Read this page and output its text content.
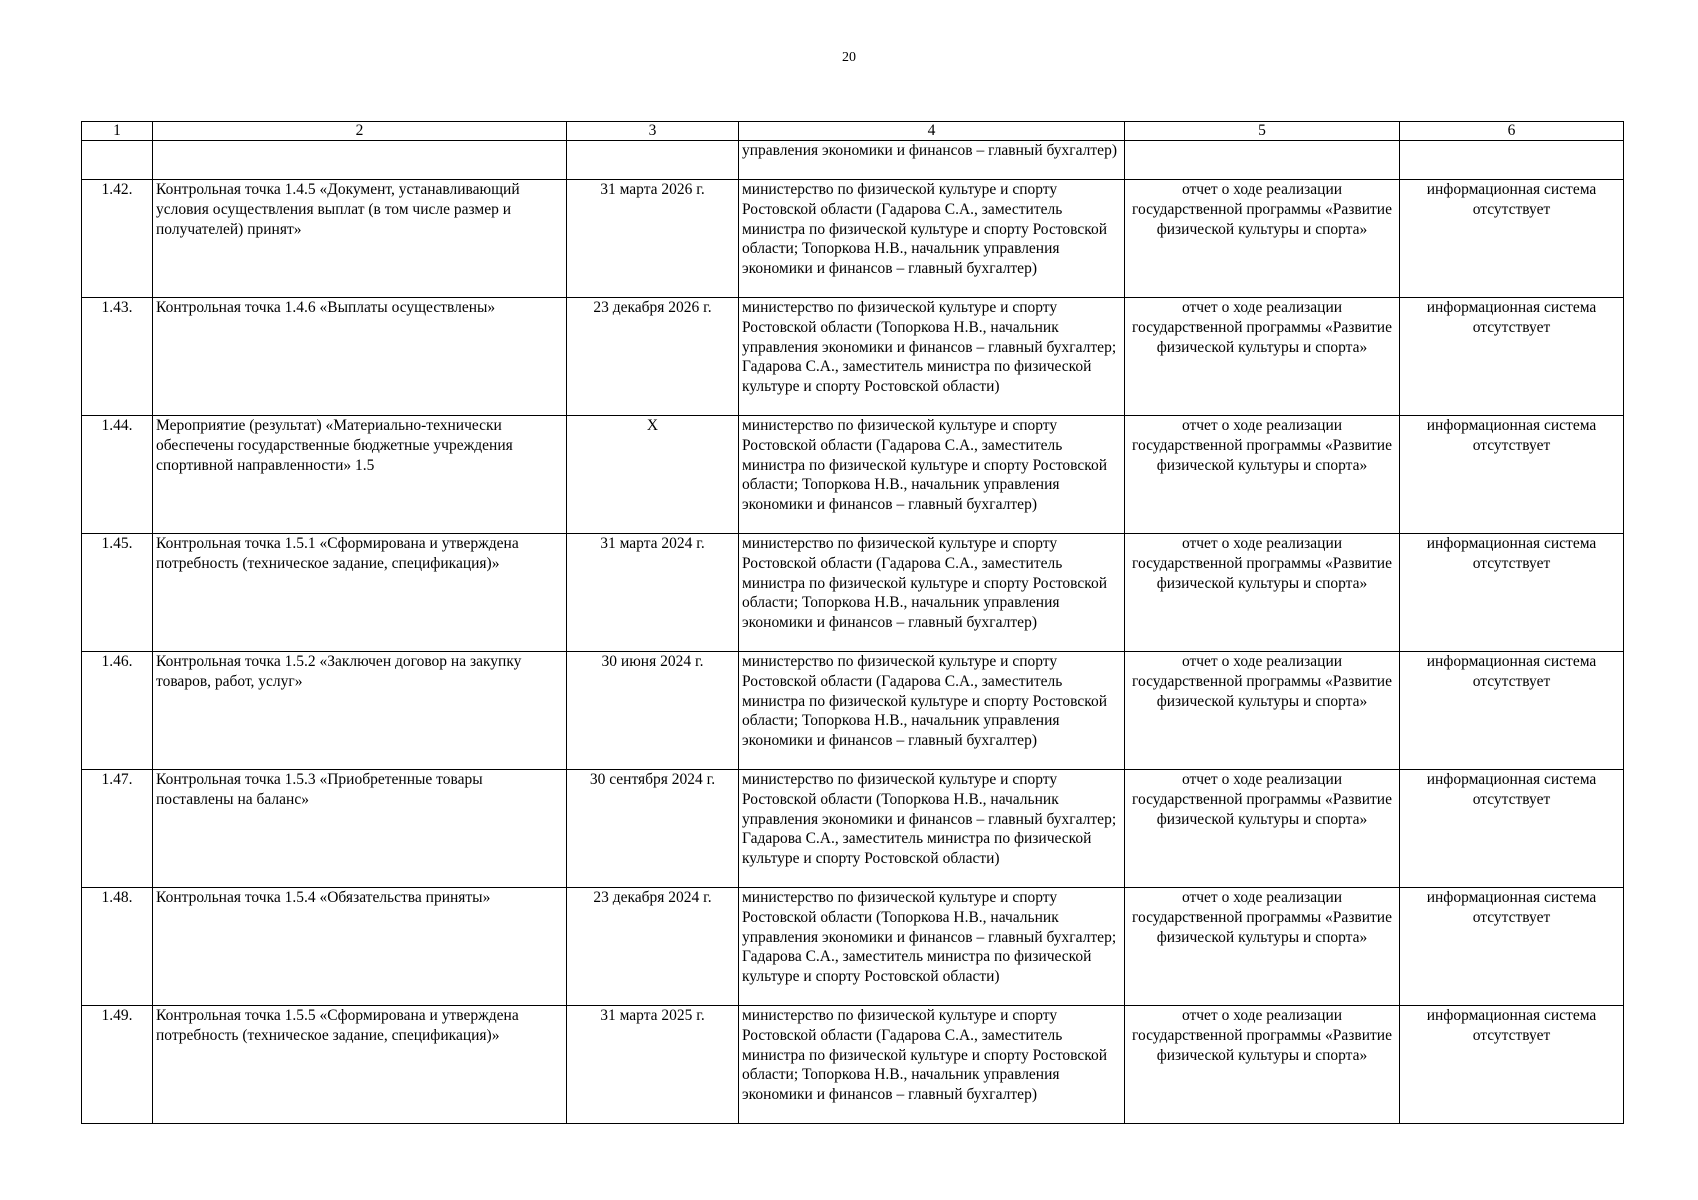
20
1	2	3	4	5	6
			управления экономики и финансов – главный бухгалтер)		
1.42.	Контрольная точка 1.4.5 «Документ, устанавливающий условия осуществления выплат (в том числе размер и получателей) принят»	31 марта 2026 г.	министерство по физической культуре и спорту Ростовской области (Гадарова С.А., заместитель министра по физической культуре и спорту Ростовской области; Топоркова Н.В., начальник управления экономики и финансов – главный бухгалтер)	отчет о ходе реализации государственной программы «Развитие физической культуры и спорта»	информационная система отсутствует
1.43.	Контрольная точка 1.4.6 «Выплаты осуществлены»	23 декабря 2026 г.	министерство по физической культуре и спорту Ростовской области (Топоркова Н.В., начальник управления экономики и финансов – главный бухгалтер; Гадарова С.А., заместитель министра по физической культуре и спорту Ростовской области)	отчет о ходе реализации государственной программы «Развитие физической культуры и спорта»	информационная система отсутствует
1.44.	Мероприятие (результат) «Материально-технически обеспечены государственные бюджетные учреждения спортивной направленности» 1.5	X	министерство по физической культуре и спорту Ростовской области (Гадарова С.А., заместитель министра по физической культуре и спорту Ростовской области; Топоркова Н.В., начальник управления экономики и финансов – главный бухгалтер)	отчет о ходе реализации государственной программы «Развитие физической культуры и спорта»	информационная система отсутствует
1.45.	Контрольная точка 1.5.1 «Сформирована и утверждена потребность (техническое задание, спецификация)»	31 марта 2024 г.	министерство по физической культуре и спорту Ростовской области (Гадарова С.А., заместитель министра по физической культуре и спорту Ростовской области; Топоркова Н.В., начальник управления экономики и финансов – главный бухгалтер)	отчет о ходе реализации государственной программы «Развитие физической культуры и спорта»	информационная система отсутствует
1.46.	Контрольная точка 1.5.2 «Заключен договор на закупку товаров, работ, услуг»	30 июня 2024 г.	министерство по физической культуре и спорту Ростовской области (Гадарова С.А., заместитель министра по физической культуре и спорту Ростовской области; Топоркова Н.В., начальник управления экономики и финансов – главный бухгалтер)	отчет о ходе реализации государственной программы «Развитие физической культуры и спорта»	информационная система отсутствует
1.47.	Контрольная точка 1.5.3 «Приобретенные товары поставлены на баланс»	30 сентября 2024 г.	министерство по физической культуре и спорту Ростовской области (Топоркова Н.В., начальник управления экономики и финансов – главный бухгалтер; Гадарова С.А., заместитель министра по физической культуре и спорту Ростовской области)	отчет о ходе реализации государственной программы «Развитие физической культуры и спорта»	информационная система отсутствует
1.48.	Контрольная точка 1.5.4 «Обязательства приняты»	23 декабря 2024 г.	министерство по физической культуре и спорту Ростовской области (Топоркова Н.В., начальник управления экономики и финансов – главный бухгалтер; Гадарова С.А., заместитель министра по физической культуре и спорту Ростовской области)	отчет о ходе реализации государственной программы «Развитие физической культуры и спорта»	информационная система отсутствует
1.49.	Контрольная точка 1.5.5 «Сформирована и утверждена потребность (техническое задание, спецификация)»	31 марта 2025 г.	министерство по физической культуре и спорту Ростовской области (Гадарова С.А., заместитель министра по физической культуре и спорту Ростовской области; Топоркова Н.В., начальник управления экономики и финансов – главный бухгалтер)	отчет о ходе реализации государственной программы «Развитие физической культуры и спорта»	информационная система отсутствует
